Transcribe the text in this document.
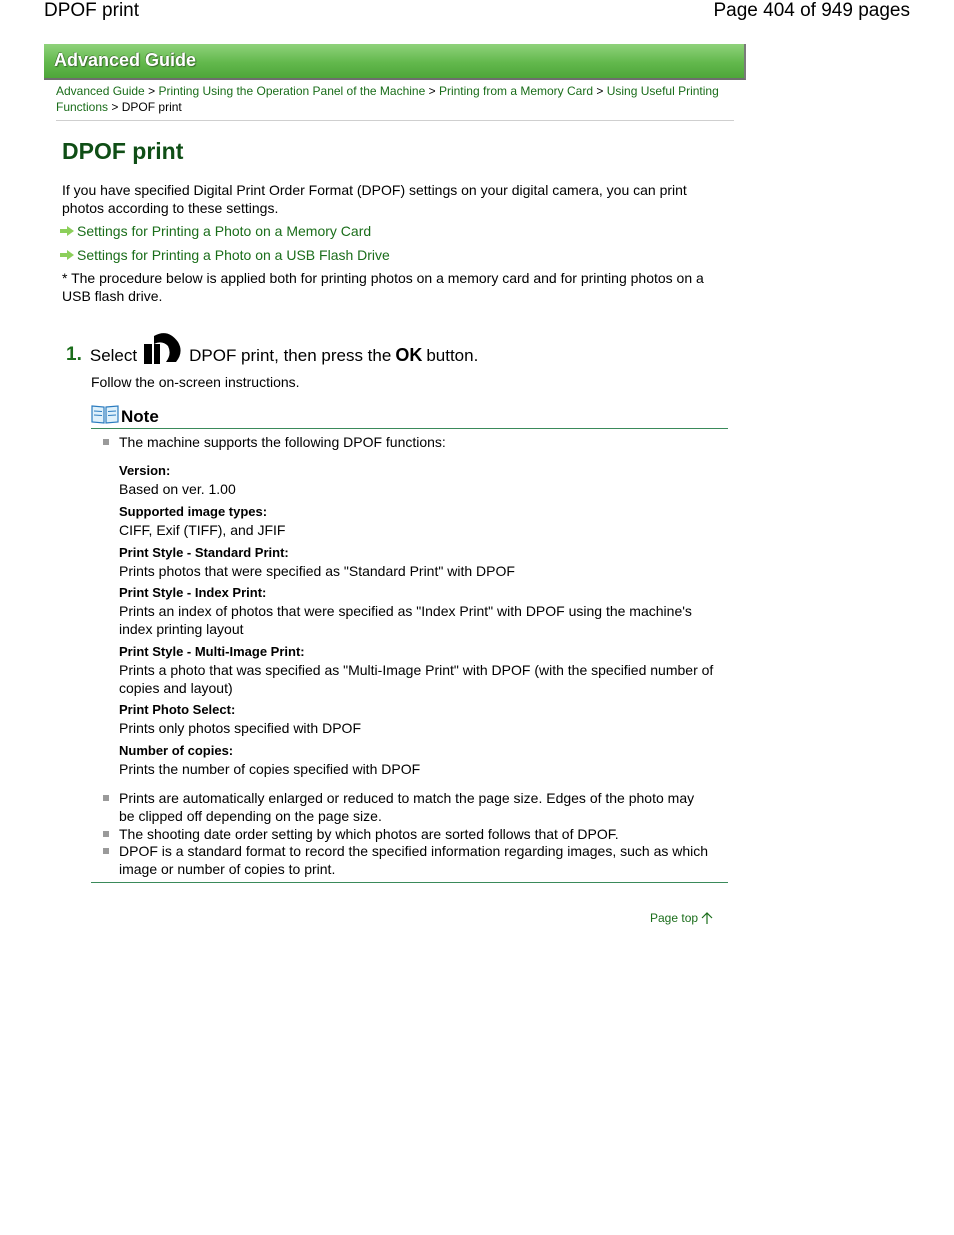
DPOF print	Page 404 of 949 pages
Advanced Guide
Advanced Guide > Printing Using the Operation Panel of the Machine > Printing from a Memory Card > Using Useful Printing Functions > DPOF print
DPOF print

If you have specified Digital Print Order Format (DPOF) settings on your digital camera, you can print photos according to these settings.

Settings for Printing a Photo on a Memory Card
Settings for Printing a Photo on a USB Flash Drive

* The procedure below is applied both for printing photos on a memory card and for printing photos on a USB flash drive.

1. Select	DPOF print, then press the OK button.
Follow the on-screen instructions.
Note
The machine supports the following DPOF functions:
Version:
Based on ver. 1.00
Supported image types:
CIFF, Exif (TIFF), and JFIF
Print Style - Standard Print:
Prints photos that were specified as "Standard Print" with DPOF
Print Style - Index Print:
Prints an index of photos that were specified as "Index Print" with DPOF using the machine's index printing layout
Print Style - Multi-Image Print:
Prints a photo that was specified as "Multi-Image Print" with DPOF (with the specified number of copies and layout)
Print Photo Select:
Prints only photos specified with DPOF
Number of copies:
Prints the number of copies specified with DPOF
Prints are automatically enlarged or reduced to match the page size. Edges of the photo may be clipped off depending on the page size.
The shooting date order setting by which photos are sorted follows that of DPOF.
DPOF is a standard format to record the specified information regarding images, such as which image or number of copies to print.
Page top
